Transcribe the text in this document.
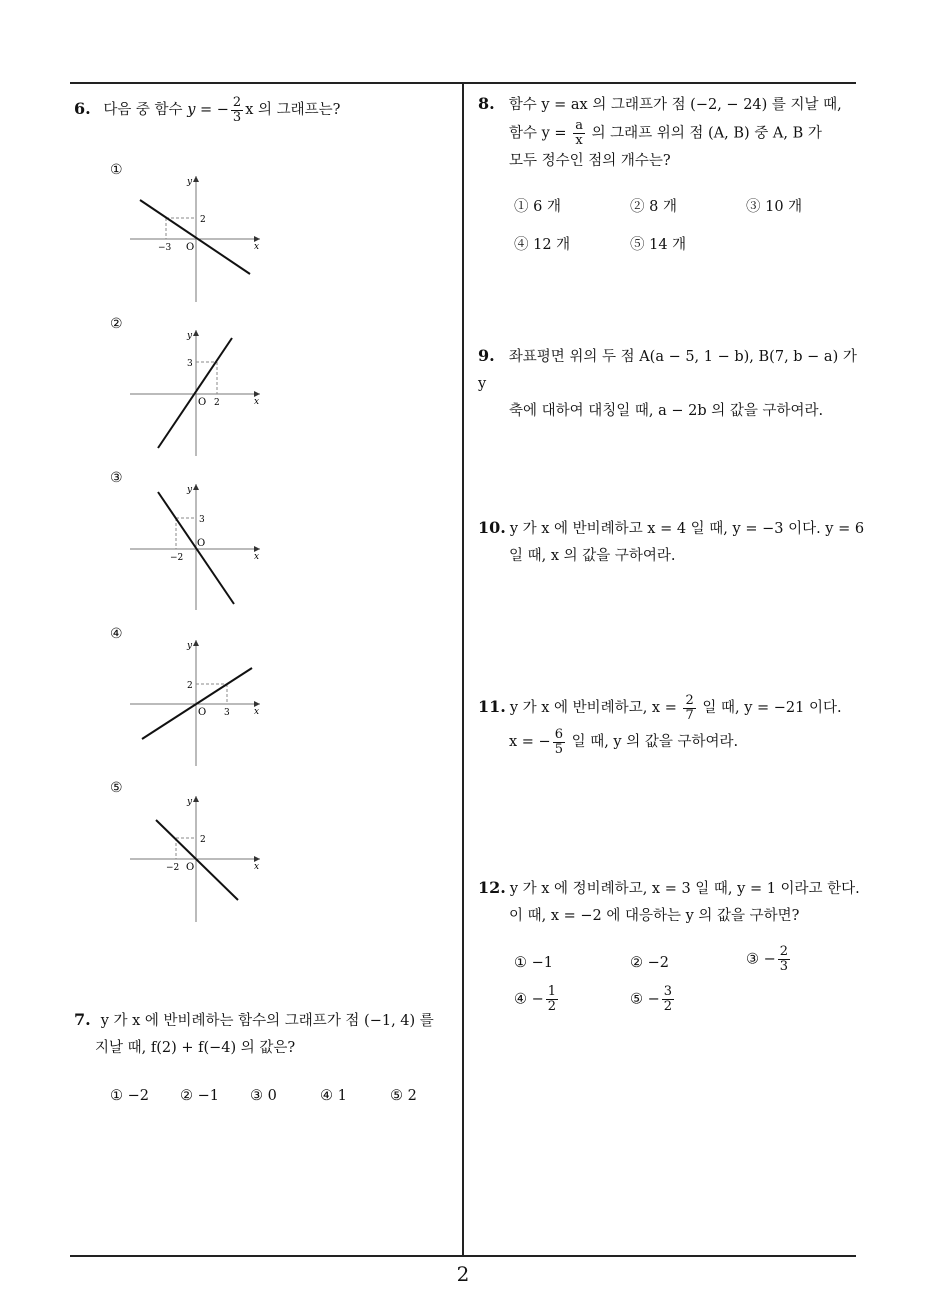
6. 다음 중 함수 y = − $\frac{2}{3}$ x 의 그래프는?
①
y
x
O
−3
2
②
y
x
O 2
3
③
y
x
O
−2
3
④
y
x
O 3
2
⑤
y
x
O
−2
2
7. y 가 x 에 반비례하는 함수의 그래프가 점 (−1, 4) 를
지날 때, f(2) + f(−4) 의 값은?
① −2 ② −1 ③ 0	④ 1	⑤ 2
8. 함수 y = ax 의 그래프가 점 (−2, − 24) 를 지날 때,
함수 $y = \frac{a}{x}$ 의 그래프 위의 점 (A, B) 중 A, B 가
모두 정수인 점의 개수는?
① 6 개	② 8 개	③ 10 개
④ 12 개	⑤ 14 개
9. 좌표평면 위의 두 점 A(a − 5, 1 − b), B(7, b − a) 가 y
축에 대하여 대칭일 때, a − 2b 의 값을 구하여라.
10. y 가 x 에 반비례하고 x = 4 일 때, y = −3 이다. y = 6
일 때, x 의 값을 구하여라.
11. y 가 x 에 반비례하고, $x = \frac{2}{7}$ 일 때, y = −21 이다.
x = − $\frac{6}{5}$ 일 때, y 의 값을 구하여라.
12. y 가 x 에 정비례하고, x = 3 일 때, y = 1 이라고 한다.
이 때, x = −2 에 대응하는 y 의 값을 구하면?
① −1	② −2	③ − $\frac{2}{3}$
④ − $\frac{1}{2}$	⑤ − $\frac{3}{2}$
2
